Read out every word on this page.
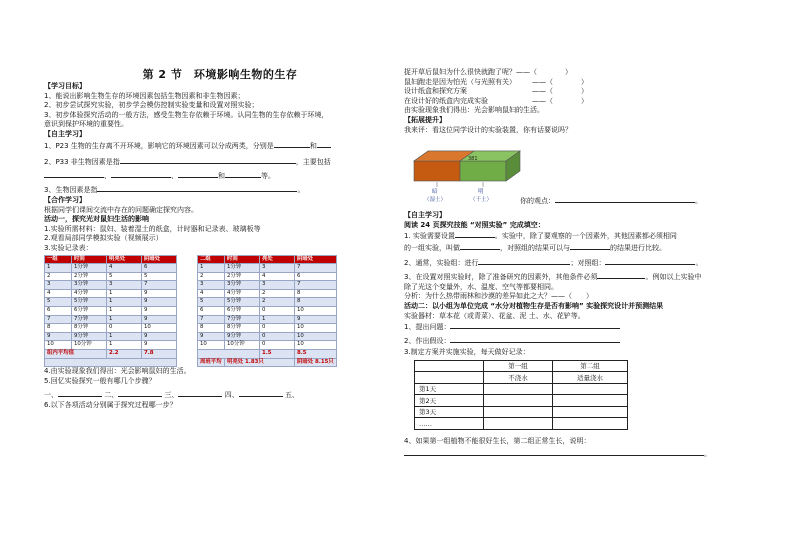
第 2 节　环境影响生物的生存
【学习目标】
1、能说出影响生物生存的环境因素包括生物因素和非生物因素；
2、初步尝试探究实验，初步学会模仿控制实验变量和设置对照实验；
3、初步体验探究活动的一般方法，感受生物生存依赖于环境。认同生物的生存依赖于环境，
意识到保护环境的重要性。
【自主学习】
1、P23 生物的生存离不开环境，影响它的环境因素可以分成两类，分别是	和
2、P33 非生物因素是指	，主要包括
、	、	和	等。
3、生物因素是指	。
【合作学习】
根据同学们课间交流中存在的问题确定探究内容。
活动一，探究光对鼠妇生活的影响
1.实验所需材料：鼠妇、装着湿土的纸盒，计时器和记录表、玻璃板等
2.观看局部同学模拟实验（视频展示）
3.实验记录表：
一组	时间	明亮处	阴暗处		二组	时间	亮处	阴暗处
1	1分钟	4	6		1	1分钟	3	7
2	2分钟	5	5		2	2分钟	4	6
3	3分钟	3	7		3	3分钟	3	7
4	4分钟	1	9		4	4分钟	2	8
5	5分钟	1	9		5	5分钟	2	8
6	6分钟	1	9		6	6分钟	0	10
7	7分钟	1	9		7	7分钟	1	9
8	8分钟	0	10		8	8分钟	0	10
9	9分钟	1	9		9	9分钟	0	10
10	10分钟	1	9		10	10分钟	0	10
组内平均值		2.2	7.8				1.5	8.5
					周班平均	明亮处 1.83只		阴暗处 8.15只
4.由实验现象我们得出：光会影响鼠妇的生活。
5.回忆实验探究一般有哪几个步骤？
一、	二、	三、	四、	五、
6.以下各项活动分别属于探究过程哪一步？
捉开草后鼠妇为什么很快就跑了呢？——（	）
鼠妇跑走是因为怕光（与光照有关） ——（	）
设计纸盒和探究方案	——（	）
在设计好的纸盒内完成实验	——（	）
由实验现象我们得出：光会影响鼠妇的生活。
【拓展提升】
我来评：看这位同学设计的实验装置，你有话要说吗？
381
暗	明
（湿土）	（干土）	你的观点：	。
【自主学习】
阅读 24 页探究技能 “对照实验” 完成填空：
1. 实验需要设置	。实验中，除了要观察的一个因素外，其他因素都必须相同
的一组实验，叫做	，对照组的结果可以与	的结果进行比较。
2、通常，实验组：进行	；对照组：	。
3、在设置对照实验时，除了准备研究的因素外，其他条件必须	。例如以上实验中
除了光这个变量外，水、温度、空气等都要相同。
分析：为什么热带雨林和沙漠的差异如此之大？——（　　）
活动二：以小组为单位完成 “水分对植物生存是否有影响” 实验探究设计并预测结果
实验器材：草本花（或青菜）、花盆、泥 土、水、花铲等。
1、提出问题：
2、作出假设：
3.制定方案并实施实验，每天做好记录：
	第一组	第二组
	不浇水	适量浇水
第1天		
第2天		
第3天		
……		
4、如果第一组植物不能很好生长，第二组正常生长，说明：
。
